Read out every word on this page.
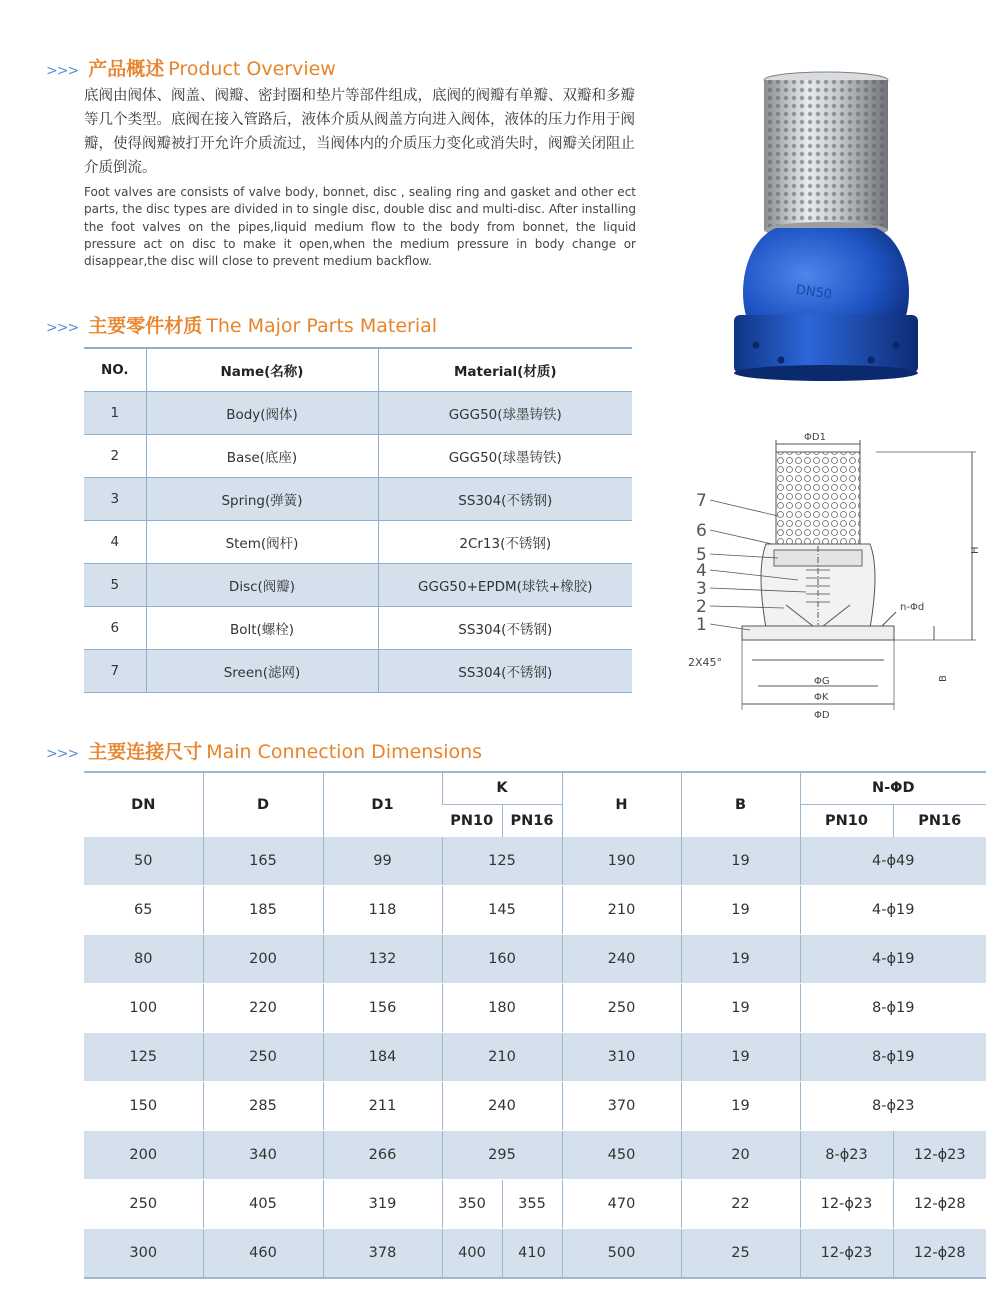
>>> 产品概述 Product Overview
底阀由阀体、阀盖、阀瓣、密封圈和垫片等部件组成，底阀的阀瓣有单瓣、双瓣和多瓣等几个类型。底阀在接入管路后，液体介质从阀盖方向进入阀体，液体的压力作用于阀瓣，使得阀瓣被打开允许介质流过，当阀体内的介质压力变化或消失时，阀瓣关闭阻止介质倒流。
Foot valves are consists of valve body, bonnet, disc , sealing ring and gasket and other ect parts, the disc types are divided in to single disc, double disc and multi-disc. After installing the foot valves on the pipes,liquid medium flow to the body from bonnet, the liquid pressure act on disc to make it open,when the medium pressure in body change or disappear,the disc will close to prevent medium backflow.
DN50
>>> 主要零件材质 The Major Parts Material
NO.	Name(名称)	Material(材质)
1	Body(阀体)	GGG50(球墨铸铁)
2	Base(底座)	GGG50(球墨铸铁)
3	Spring(弹簧)	SS304(不锈钢)
4	Stem(阀杆)	2Cr13(不锈钢)
5	Disc(阀瓣)	GGG50+EPDM(球铁+橡胶)
6	Bolt(螺栓)	SS304(不锈钢)
7	Sreen(滤网)	SS304(不锈钢)
ΦD1
H
n-Φd
B
2X45°
ΦG
ΦK
ΦD
7
6
5
4
3
2
1
>>> 主要连接尺寸 Main Connection Dimensions
DN	D	D1	K		H	B	N-ΦD	
			PN10	PN16			PN10	PN16
50	165	99	125		190	19	4-ϕ49	
65	185	118	145		210	19	4-ϕ19	
80	200	132	160		240	19	4-ϕ19	
100	220	156	180		250	19	8-ϕ19	
125	250	184	210		310	19	8-ϕ19	
150	285	211	240		370	19	8-ϕ23	
200	340	266	295		450	20	8-ϕ23	12-ϕ23
250	405	319	350	355	470	22	12-ϕ23	12-ϕ28
300	460	378	400	410	500	25	12-ϕ23	12-ϕ28
